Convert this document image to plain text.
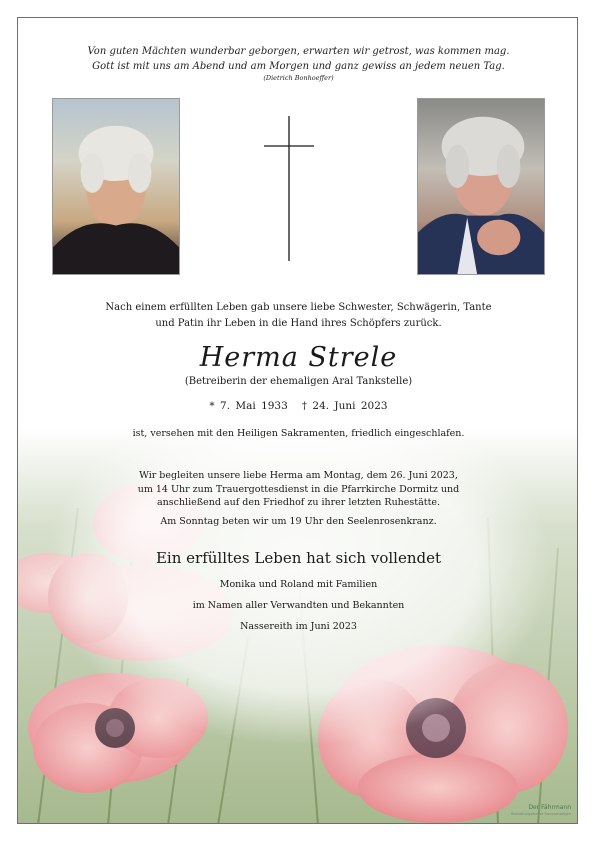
Von guten Mächten wunderbar geborgen, erwarten wir getrost, was kommen mag.
Gott ist mit uns am Abend und am Morgen und ganz gewiss an jedem neuen Tag.
(Dietrich Bonhoeffer)
Nach einem erfüllten Leben gab unsere liebe Schwester, Schwägerin, Tante
und Patin ihr Leben in die Hand ihres Schöpfers zurück.
Herma Strele
(Betreiberin der ehemaligen Aral Tankstelle)
* 7. Mai 1933 † 24. Juni 2023
ist, versehen mit den Heiligen Sakramenten, friedlich eingeschlafen.
Wir begleiten unsere liebe Herma am Montag, dem 26. Juni 2023,
um 14 Uhr zum Trauergottesdienst in die Pfarrkirche Dormitz und
anschließend auf den Friedhof zu ihrer letzten Ruhestätte.
Am Sonntag beten wir um 19 Uhr den Seelenrosenkranz.
Ein erfülltes Leben hat sich vollendet
Monika und Roland mit Familien
im Namen aller Verwandten und Bekannten
Nassereith im Juni 2023
Der Fährmann
Bestattungsdienst Traueranzeigen
